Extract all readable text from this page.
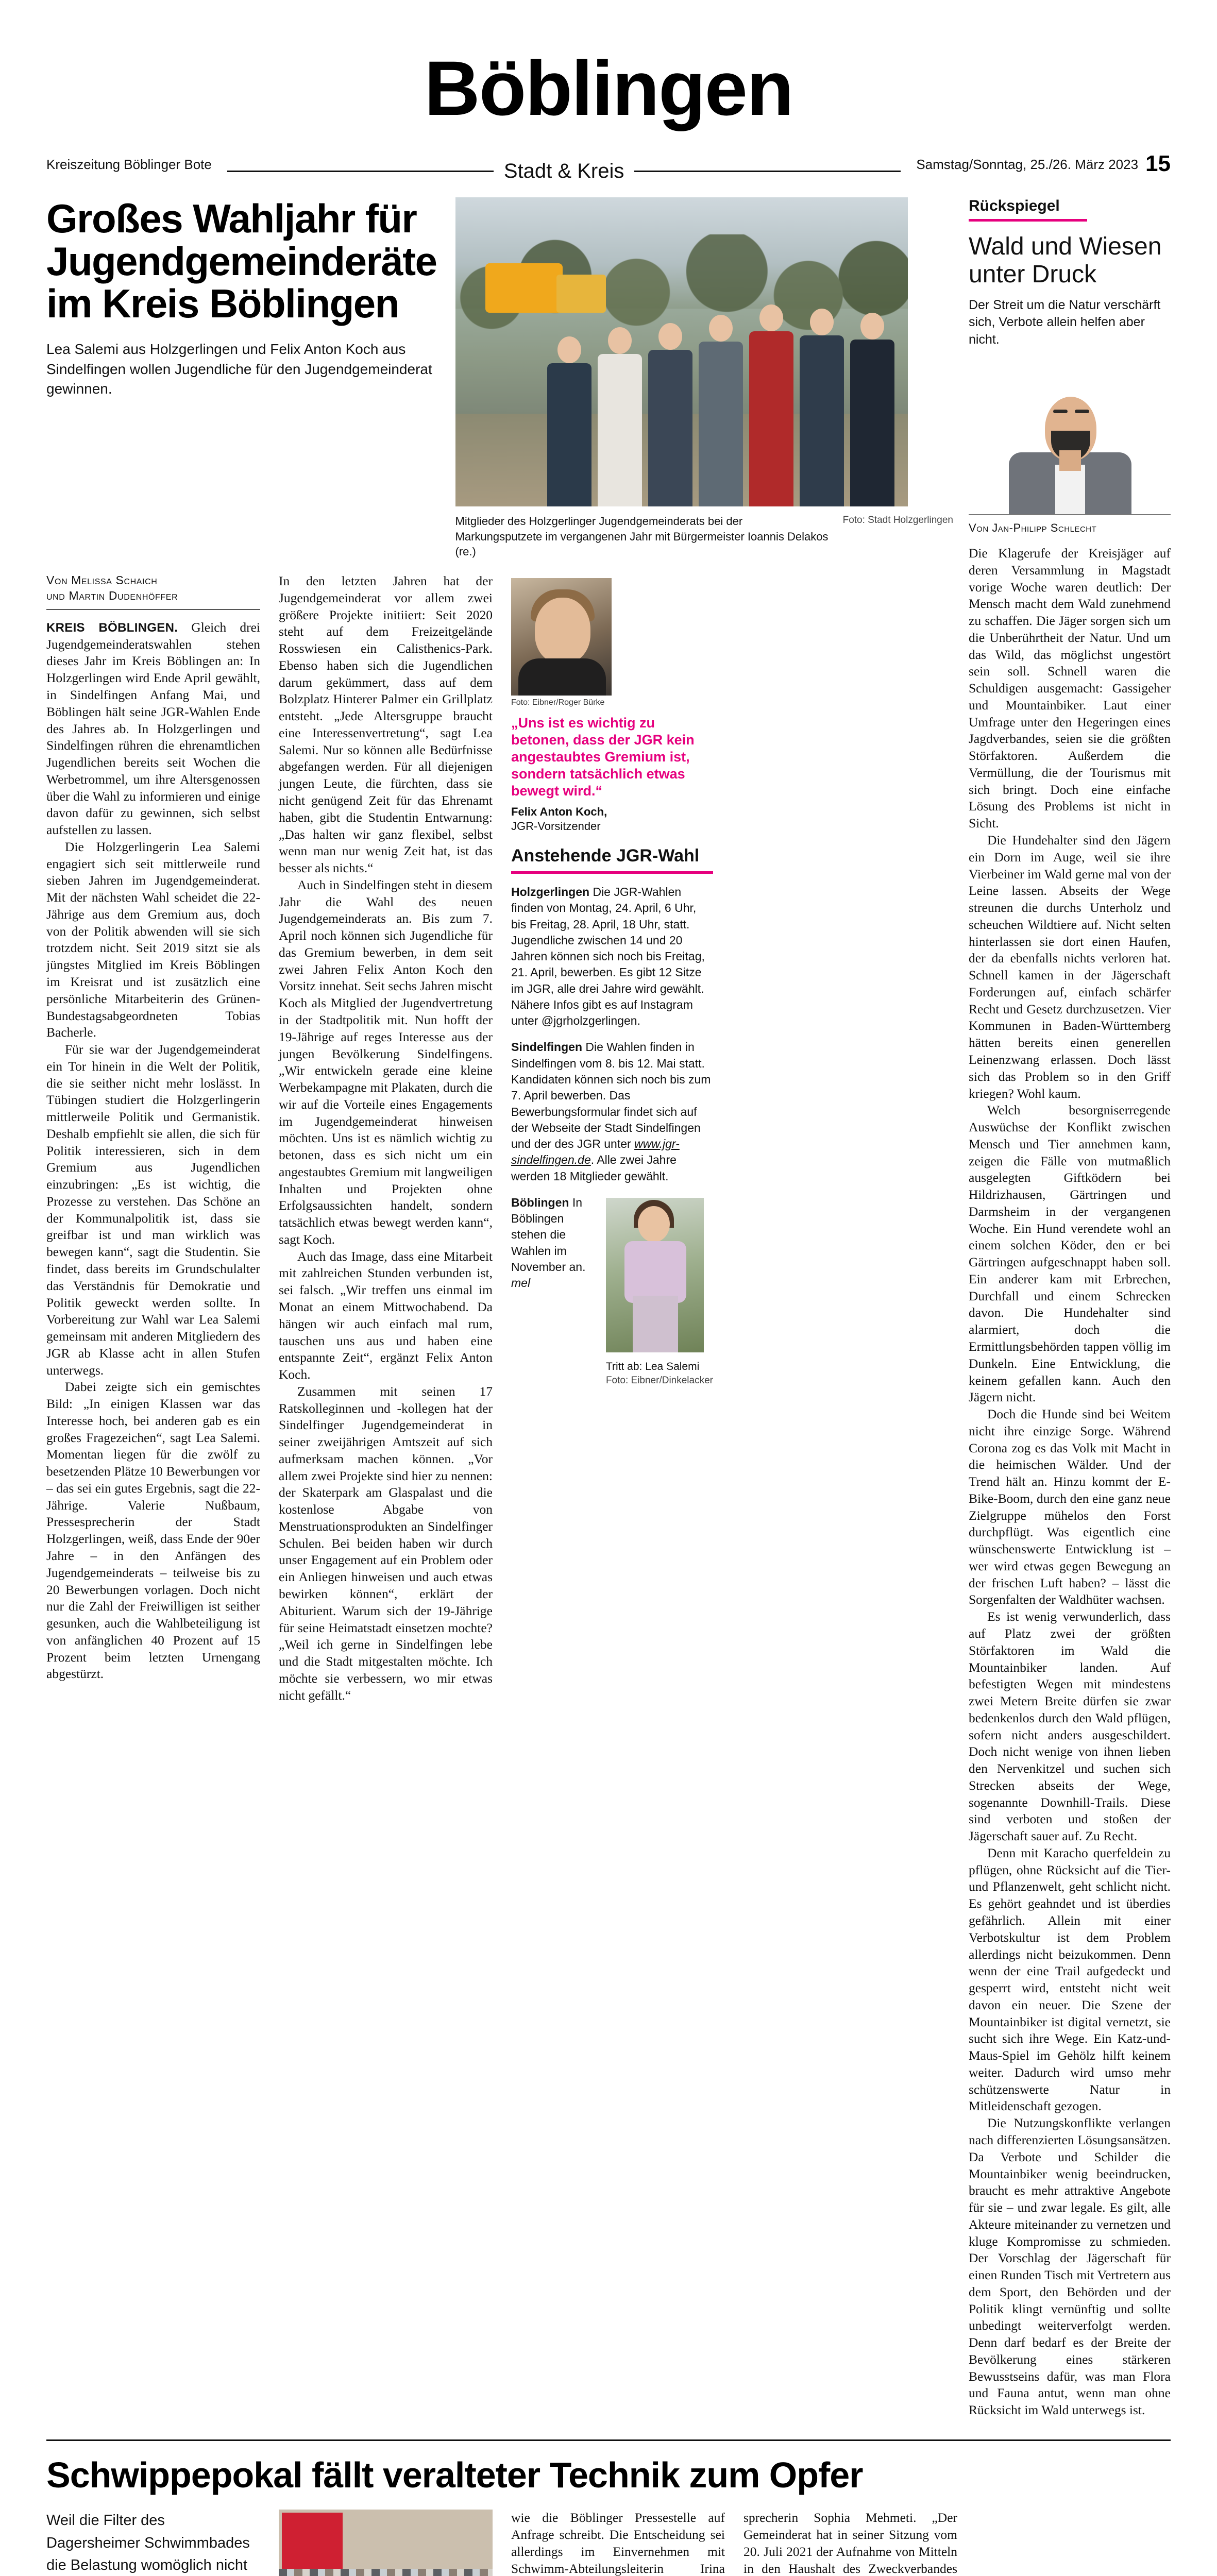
Böblingen
Kreiszeitung Böblinger Bote	Stadt & Kreis	Samstag/Sonntag, 25./26. März 2023 15
Großes Wahljahr für Jugendgemeinderäte im Kreis Böblingen

Lea Salemi aus Holzgerlingen und Felix Anton Koch aus Sindelfingen wollen Jugendliche für den Jugendgemeinderat gewinnen.

Mitglieder des Holzgerlinger Jugendgemeinderats bei der Markungsputzete im vergangenen Jahr mit Bürgermeister Ioannis Delakos (re.)
Foto: Stadt Holzgerlingen
Von Melissa Schaich
und Martin Dudenhöffer

KREIS BÖBLINGEN. Gleich drei Jugendgemeinderatswahlen stehen dieses Jahr im Kreis Böblingen an: In Holzgerlingen wird Ende April gewählt, in Sindelfingen Anfang Mai, und Böblingen hält seine JGR-Wahlen Ende des Jahres ab. In Holzgerlingen und Sindelfingen rühren die ehrenamtlichen Jugendlichen bereits seit Wochen die Werbetrommel, um ihre Altersgenossen über die Wahl zu informieren und einige davon dafür zu gewinnen, sich selbst aufstellen zu lassen.

Die Holzgerlingerin Lea Salemi engagiert sich seit mittlerweile rund sieben Jahren im Jugendgemeinderat. Mit der nächsten Wahl scheidet die 22-Jährige aus dem Gremium aus, doch von der Politik abwenden will sie sich trotzdem nicht. Seit 2019 sitzt sie als jüngstes Mitglied im Kreis Böblingen im Kreisrat und ist zusätzlich eine persönliche Mitarbeiterin des Grünen-Bundestagsabgeordneten Tobias Bacherle.

Für sie war der Jugendgemeinderat ein Tor hinein in die Welt der Politik, die sie seither nicht mehr loslässt. In Tübingen studiert die Holzgerlingerin mittlerweile Politik und Germanistik. Deshalb empfiehlt sie allen, die sich für Politik interessieren, sich in dem Gremium aus Jugendlichen einzubringen: „Es ist wichtig, die Prozesse zu verstehen. Das Schöne an der Kommunalpolitik ist, dass sie greifbar ist und man wirklich was bewegen kann“, sagt die Studentin. Sie findet, dass bereits im Grundschulalter das Verständnis für Demokratie und Politik geweckt werden sollte. In Vorbereitung zur Wahl war Lea Salemi gemeinsam mit anderen Mitgliedern des JGR ab Klasse acht in allen Stufen unterwegs.

Dabei zeigte sich ein gemischtes Bild: „In einigen Klassen war das Interesse hoch, bei anderen gab es ein großes Fragezeichen“, sagt Lea Salemi. Momentan liegen für die zwölf zu besetzenden Plätze 10 Bewerbungen vor – das sei ein gutes Ergebnis, sagt die 22-Jährige. Valerie Nußbaum, Pressesprecherin der Stadt Holzgerlingen, weiß, dass Ende der 90er Jahre – in den Anfängen des Jugendgemeinderats – teilweise bis zu 20 Bewerbungen vorlagen. Doch nicht nur die Zahl der Freiwilligen ist seither gesunken, auch die Wahlbeteiligung ist von anfänglichen 40 Prozent auf 15 Prozent beim letzten Urnengang abgestürzt.

In den letzten Jahren hat der Jugendgemeinderat vor allem zwei größere Projekte initiiert: Seit 2020 steht auf dem Freizeitgelände Rosswiesen ein Calisthenics-Park. Ebenso haben sich die Jugendlichen darum gekümmert, dass auf dem Bolzplatz Hinterer Palmer ein Grillplatz entsteht. „Jede Altersgruppe braucht eine Interessenvertretung“, sagt Lea Salemi. Nur so können alle Bedürfnisse abgefangen werden. Für all diejenigen jungen Leute, die fürchten, dass sie nicht genügend Zeit für das Ehrenamt haben, gibt die Studentin Entwarnung: „Das halten wir ganz flexibel, selbst wenn man nur wenig Zeit hat, ist das besser als nichts.“

Auch in Sindelfingen steht in diesem Jahr die Wahl des neuen Jugendgemeinderats an. Bis zum 7. April noch können sich Jugendliche für das Gremium bewerben, in dem seit zwei Jahren Felix Anton Koch den Vorsitz innehat. Seit sechs Jahren mischt Koch als Mitglied der Jugendvertretung in der Stadtpolitik mit. Nun hofft der 19-Jährige auf reges Interesse aus der jungen Bevölkerung Sindelfingens. „Wir entwickeln gerade eine kleine Werbekampagne mit Plakaten, durch die wir auf die Vorteile eines Engagements im Jugendgemeinderat hinweisen möchten. Uns ist es nämlich wichtig zu betonen, dass es sich nicht um ein angestaubtes Gremium mit langweiligen Inhalten und Projekten ohne Erfolgsaussichten handelt, sondern tatsächlich etwas bewegt werden kann“, sagt Koch.

Auch das Image, dass eine Mitarbeit mit zahlreichen Stunden verbunden ist, sei falsch. „Wir treffen uns einmal im Monat an einem Mittwochabend. Da hängen wir auch einfach mal rum, tauschen uns aus und haben eine entspannte Zeit“, ergänzt Felix Anton Koch.

Zusammen mit seinen 17 Ratskolleginnen und -kollegen hat der Sindelfinger Jugendgemeinderat in seiner zweijährigen Amtszeit auf sich aufmerksam machen können. „Vor allem zwei Projekte sind hier zu nennen: der Skaterpark am Glaspalast und die kostenlose Abgabe von Menstruationsprodukten an Sindelfinger Schulen. Bei beiden haben wir durch unser Engagement auf ein Problem oder ein Anliegen hinweisen und auch etwas bewirken können“, erklärt der Abiturient. Warum sich der 19-Jährige für seine Heimatstadt einsetzen mochte? „Weil ich gerne in Sindelfingen lebe und die Stadt mitgestalten möchte. Ich möchte sie verbessern, wo mir etwas nicht gefällt.“

Foto: Eibner/Roger Bürke
„Uns ist es wichtig zu betonen, dass der JGR kein angestaubtes Gremium ist, sondern tatsächlich etwas bewegt wird.“
Felix Anton Koch,
JGR-Vorsitzender
Anstehende JGR-Wahl

Holzgerlingen Die JGR-Wahlen finden von Montag, 24. April, 6 Uhr, bis Freitag, 28. April, 18 Uhr, statt. Jugendliche zwischen 14 und 20 Jahren können sich noch bis Freitag, 21. April, bewerben. Es gibt 12 Sitze im JGR, alle drei Jahre wird gewählt. Nähere Infos gibt es auf Instagram unter @jgrholzgerlingen.

Sindelfingen Die Wahlen finden in Sindelfingen vom 8. bis 12. Mai statt. Kandidaten können sich noch bis zum 7. April bewerben. Das Bewerbungsformular findet sich auf der Webseite der Stadt Sindelfingen und der des JGR unter www.jgr-sindelfingen.de. Alle zwei Jahre werden 18 Mitglieder gewählt.

Böblingen In Böblingen stehen die Wahlen im November an. mel

Tritt ab: Lea Salemi
Foto: Eibner/Dinkelacker
Rückspiegel
Wald und Wiesen unter Druck

Der Streit um die Natur verschärft sich, Verbote allein helfen aber nicht.

Von Jan-Philipp Schlecht

Die Klagerufe der Kreisjäger auf deren Versammlung in Magstadt vorige Woche waren deutlich: Der Mensch macht dem Wald zunehmend zu schaffen. Die Jäger sorgen sich um die Unberührtheit der Natur. Und um das Wild, das möglichst ungestört sein soll. Schnell waren die Schuldigen ausgemacht: Gassigeher und Mountainbiker. Laut einer Umfrage unter den Hegeringen eines Jagdverbandes, seien sie die größten Störfaktoren. Außerdem die Vermüllung, die der Tourismus mit sich bringt. Doch eine einfache Lösung des Problems ist nicht in Sicht.

Die Hundehalter sind den Jägern ein Dorn im Auge, weil sie ihre Vierbeiner im Wald gerne mal von der Leine lassen. Abseits der Wege streunen die durchs Unterholz und scheuchen Wildtiere auf. Nicht selten hinterlassen sie dort einen Haufen, der da ebenfalls nichts verloren hat. Schnell kamen in der Jägerschaft Forderungen auf, einfach schärfer Recht und Gesetz durchzusetzen. Vier Kommunen in Baden-Württemberg hätten bereits einen generellen Leinenzwang erlassen. Doch lässt sich das Problem so in den Griff kriegen? Wohl kaum.

Welch besorgniserregende Auswüchse der Konflikt zwischen Mensch und Tier annehmen kann, zeigen die Fälle von mutmaßlich ausgelegten Giftködern bei Hildrizhausen, Gärtringen und Darmsheim in der vergangenen Woche. Ein Hund verendete wohl an einem solchen Köder, den er bei Gärtringen aufgeschnappt haben soll. Ein anderer kam mit Erbrechen, Durchfall und einem Schrecken davon. Die Hundehalter sind alarmiert, doch die Ermittlungsbehörden tappen völlig im Dunkeln. Eine Entwicklung, die keinem gefallen kann. Auch den Jägern nicht.

Doch die Hunde sind bei Weitem nicht ihre einzige Sorge. Während Corona zog es das Volk mit Macht in die heimischen Wälder. Und der Trend hält an. Hinzu kommt der E-Bike-Boom, durch den eine ganz neue Zielgruppe mühelos den Forst durchpflügt. Was eigentlich eine wünschenswerte Entwicklung ist – wer wird etwas gegen Bewegung an der frischen Luft haben? – lässt die Sorgenfalten der Waldhüter wachsen.

Es ist wenig verwunderlich, dass auf Platz zwei der größten Störfaktoren im Wald die Mountainbiker landen. Auf befestigten Wegen mit mindestens zwei Metern Breite dürfen sie zwar bedenkenlos durch den Wald pflügen, sofern nicht anders ausgeschildert. Doch nicht wenige von ihnen lieben den Nervenkitzel und suchen sich Strecken abseits der Wege, sogenannte Downhill-Trails. Diese sind verboten und stoßen der Jägerschaft sauer auf. Zu Recht.

Denn mit Karacho querfeldein zu pflügen, ohne Rücksicht auf die Tier- und Pflanzenwelt, geht schlicht nicht. Es gehört geahndet und ist überdies gefährlich. Allein mit einer Verbotskultur ist dem Problem allerdings nicht beizukommen. Denn wenn der eine Trail aufgedeckt und gesperrt wird, entsteht nicht weit davon ein neuer. Die Szene der Mountainbiker ist digital vernetzt, sie sucht sich ihre Wege. Ein Katz-und-Maus-Spiel im Gehölz hilft keinem weiter. Dadurch wird umso mehr schützenswerte Natur in Mitleidenschaft gezogen.

Die Nutzungskonflikte verlangen nach differenzierten Lösungsansätzen. Da Verbote und Schilder die Mountainbiker wenig beeindrucken, braucht es mehr attraktive Angebote für sie – und zwar legale. Es gilt, alle Akteure miteinander zu vernetzen und kluge Kompromisse zu schmieden. Der Vorschlag der Jägerschaft für einen Runden Tisch mit Vertretern aus dem Sport, den Behörden und der Politik klingt vernünftig und sollte unbedingt weiterverfolgt werden. Denn darf bedarf es der Breite der Bevölkerung eines stärkeren Bewusstseins dafür, was man Flora und Fauna antut, wenn man ohne Rücksicht im Wald unterwegs ist.

Schwippepokal fällt veralteter Technik zum Opfer

Weil die Filter des Dagersheimer Schwimmbades die Belastung womöglich nicht

wie die Böblinger Pressestelle auf Anfrage schreibt. Die Entscheidung sei allerdings im Einvernehmen mit Schwimm-Abteilungsleiterin Irina

sprecherin Sophia Mehmeti. „Der Gemeinderat hat in seiner Sitzung vom 20. Juli 2021 der Aufnahme von Mitteln in den Haushalt des Zweckverbandes
